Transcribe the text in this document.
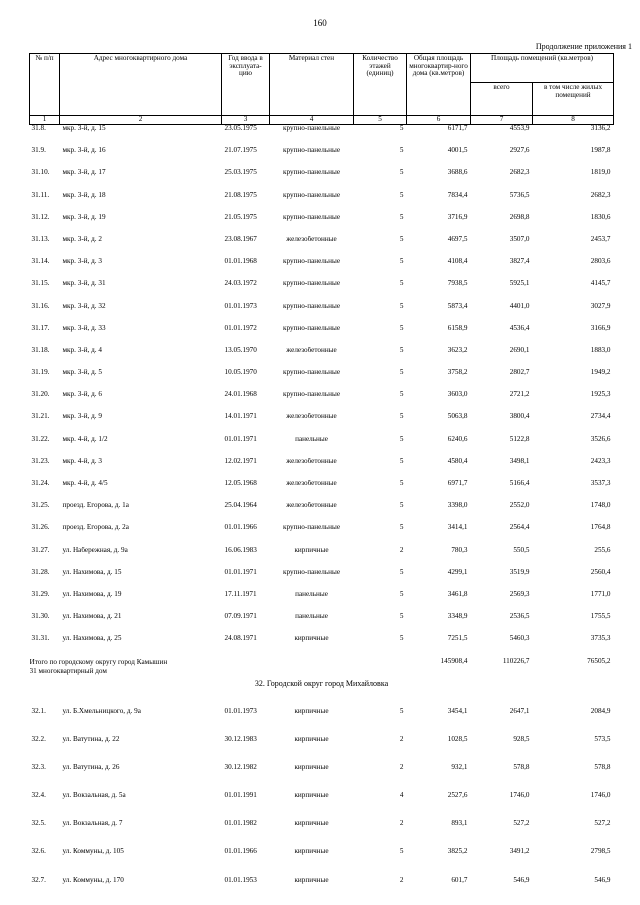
160
Продолжение приложения 1
№ п/п	Адрес многоквартирного дома	Год ввода в эксплуата-цию	Материал стен	Количество этажей (единиц)	Общая площадь многоквартир-ного дома (кв.метров)	Площадь помещений (кв.метров)	
						всего	в том числе жилых помещений
1	2	3	4	5	6	7	8
31.8.	мкр. 3-й, д. 15	23.05.1975	крупно-панельные	5	6171,7	4553,9	3136,2
31.9.	мкр. 3-й, д. 16	21.07.1975	крупно-панельные	5	4001,5	2927,6	1987,8
31.10.	мкр. 3-й, д. 17	25.03.1975	крупно-панельные	5	3688,6	2682,3	1819,0
31.11.	мкр. 3-й, д. 18	21.08.1975	крупно-панельные	5	7834,4	5736,5	2682,3
31.12.	мкр. 3-й, д. 19	21.05.1975	крупно-панельные	5	3716,9	2698,8	1830,6
31.13.	мкр. 3-й, д. 2	23.08.1967	железобетонные	5	4697,5	3507,0	2453,7
31.14.	мкр. 3-й, д. 3	01.01.1968	крупно-панельные	5	4108,4	3827,4	2803,6
31.15.	мкр. 3-й, д. 31	24.03.1972	крупно-панельные	5	7938,5	5925,1	4145,7
31.16.	мкр. 3-й, д. 32	01.01.1973	крупно-панельные	5	5873,4	4401,0	3027,9
31.17.	мкр. 3-й, д. 33	01.01.1972	крупно-панельные	5	6158,9	4536,4	3166,9
31.18.	мкр. 3-й, д. 4	13.05.1970	железобетонные	5	3623,2	2690,1	1883,0
31.19.	мкр. 3-й, д. 5	10.05.1970	крупно-панельные	5	3758,2	2802,7	1949,2
31.20.	мкр. 3-й, д. 6	24.01.1968	крупно-панельные	5	3603,0	2721,2	1925,3
31.21.	мкр. 3-й, д. 9	14.01.1971	железобетонные	5	5063,8	3800,4	2734,4
31.22.	мкр. 4-й, д. 1/2	01.01.1971	панельные	5	6240,6	5122,8	3526,6
31.23.	мкр. 4-й, д. 3	12.02.1971	железобетонные	5	4580,4	3498,1	2423,3
31.24.	мкр. 4-й, д. 4/5	12.05.1968	железобетонные	5	6971,7	5166,4	3537,3
31.25.	проезд. Егорова, д. 1а	25.04.1964	железобетонные	5	3398,0	2552,0	1748,0
31.26.	проезд. Егорова, д. 2а	01.01.1966	крупно-панельные	5	3414,1	2564,4	1764,8
31.27.	ул. Набережная, д. 9а	16.06.1983	кирпичные	2	780,3	550,5	255,6
31.28.	ул. Нахимова, д. 15	01.01.1971	крупно-панельные	5	4299,1	3519,9	2560,4
31.29.	ул. Нахимова, д. 19	17.11.1971	панельные	5	3461,8	2569,3	1771,0
31.30.	ул. Нахимова, д. 21	07.09.1971	панельные	5	3348,9	2536,5	1755,5
31.31.	ул. Нахимова, д. 25	24.08.1971	кирпичные	5	7251,5	5460,3	3735,3

Итого по городскому округу город Камышин
31 многоквартирный дом					145908,4	110226,7	76505,2
32. Городской округ город Михайловка							
32.1.	ул. Б.Хмельницкого, д. 9а	01.01.1973	кирпичные	5	3454,1	2647,1	2084,9
32.2.	ул. Ватутина, д. 22	30.12.1983	кирпичные	2	1028,5	928,5	573,5
32.3.	ул. Ватутина, д. 26	30.12.1982	кирпичные	2	932,1	578,8	578,8
32.4.	ул. Вокзальная, д. 5а	01.01.1991	кирпичные	4	2527,6	1746,0	1746,0
32.5.	ул. Вокзальная, д. 7	01.01.1982	кирпичные	2	893,1	527,2	527,2
32.6.	ул. Коммуны, д. 105	01.01.1966	кирпичные	5	3825,2	3491,2	2798,5
32.7.	ул. Коммуны, д. 170	01.01.1953	кирпичные	2	601,7	546,9	546,9
